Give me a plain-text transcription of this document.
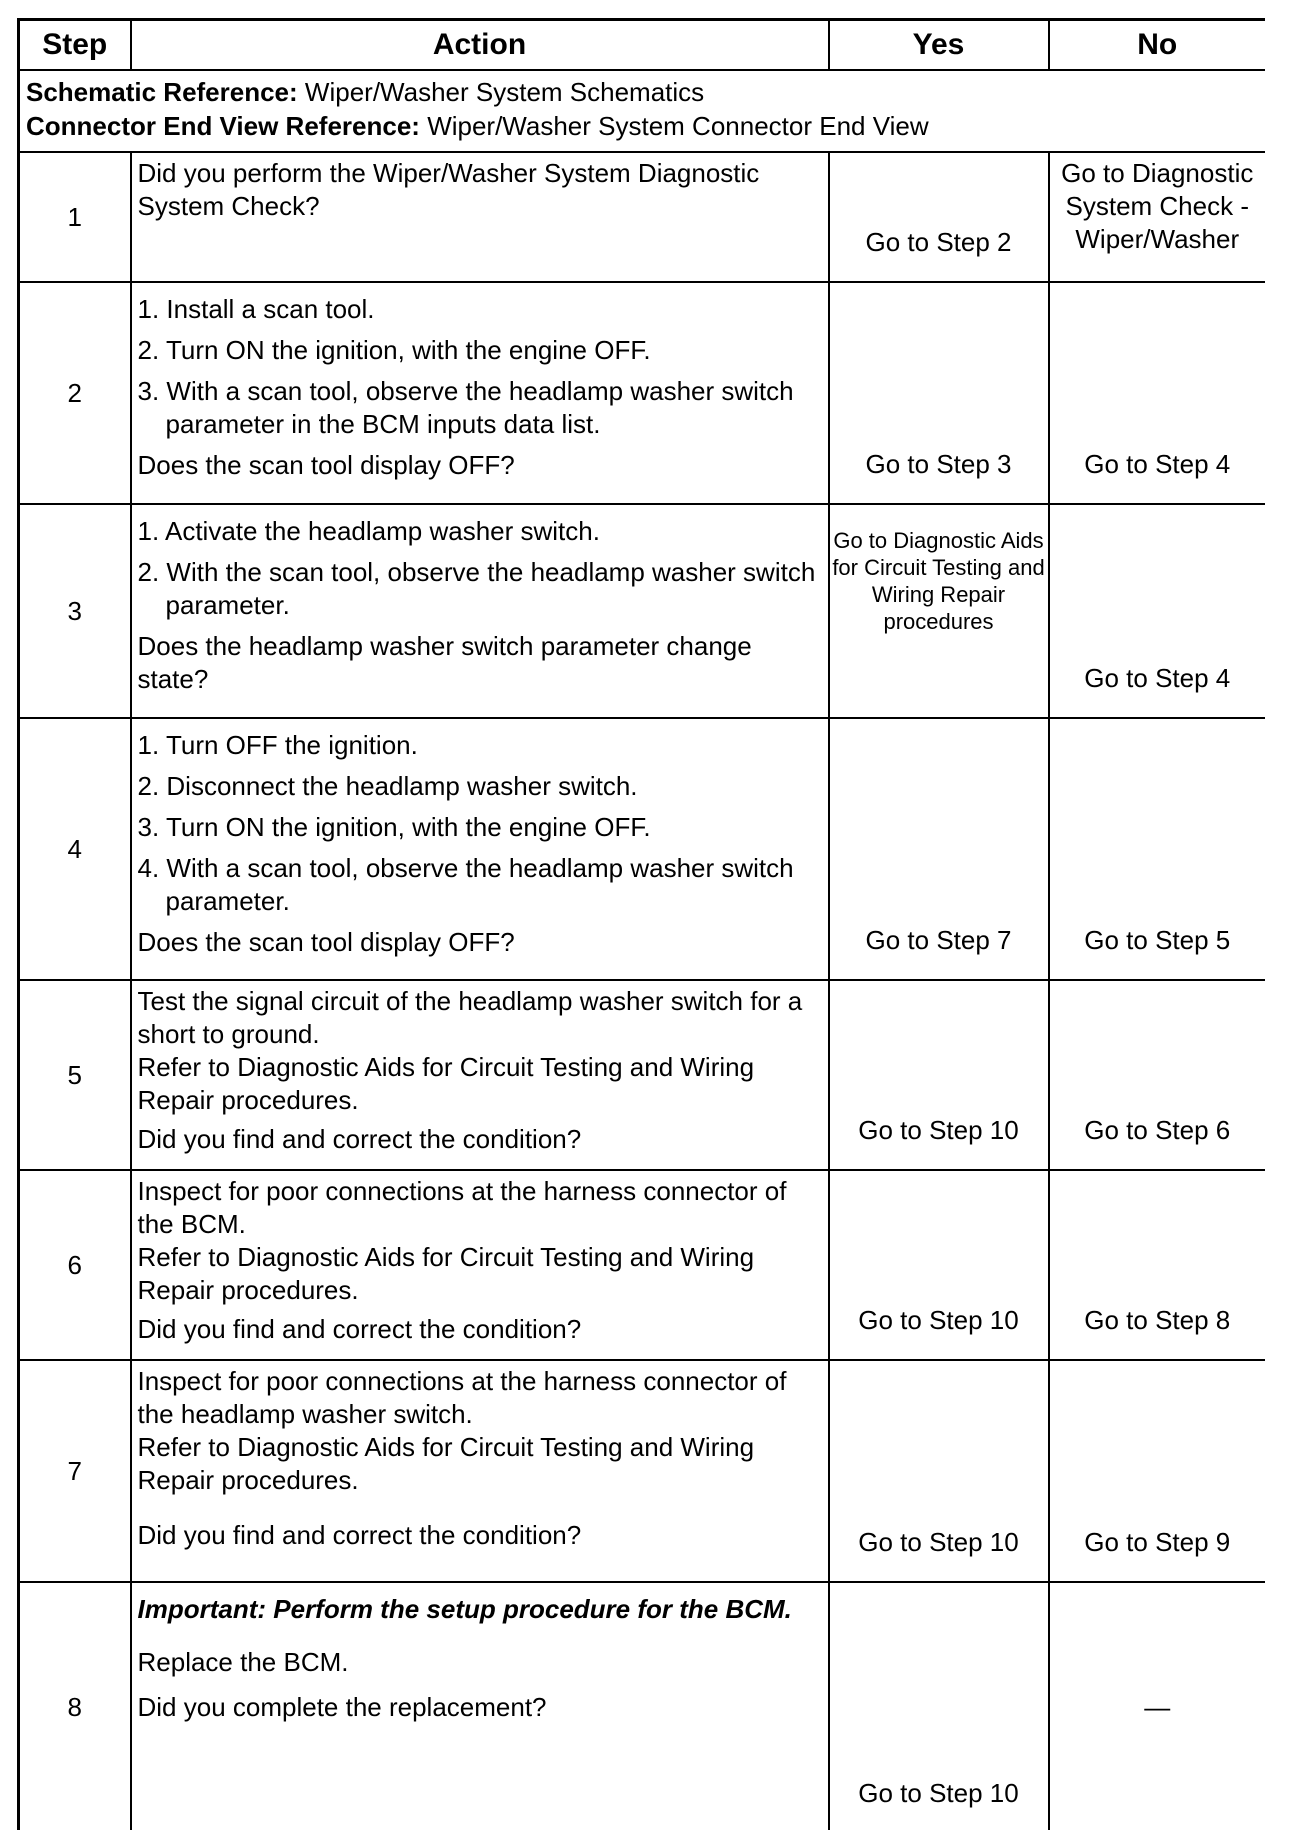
Step	Action	Yes	No

Schematic Reference: Wiper/Washer System Schematics
Connector End View Reference: Wiper/Washer System Connector End View			

1	Did you perform the Wiper/Washer System Diagnostic System Check?	Go to Step 2	Go to Diagnostic System Check - Wiper/Washer
2	1. Install a scan tool.
2. Turn ON the ignition, with the engine OFF.
3. With a scan tool, observe the headlamp washer switch parameter in the BCM inputs data list.
Does the scan tool display OFF?	Go to Step 3	Go to Step 4
3	1. Activate the headlamp washer switch.
2. With the scan tool, observe the headlamp washer switch parameter.
Does the headlamp washer switch parameter change state?	Go to Diagnostic Aids for Circuit Testing and Wiring Repair procedures	Go to Step 4
4	1. Turn OFF the ignition.
2. Disconnect the headlamp washer switch.
3. Turn ON the ignition, with the engine OFF.
4. With a scan tool, observe the headlamp washer switch parameter.
Does the scan tool display OFF?	Go to Step 7	Go to Step 5
5	Test the signal circuit of the headlamp washer switch for a short to ground.
Refer to Diagnostic Aids for Circuit Testing and Wiring Repair procedures.
Did you find and correct the condition?	Go to Step 10	Go to Step 6
6	Inspect for poor connections at the harness connector of the BCM.
Refer to Diagnostic Aids for Circuit Testing and Wiring Repair procedures.
Did you find and correct the condition?	Go to Step 10	Go to Step 8
7	Inspect for poor connections at the harness connector of the headlamp washer switch.
Refer to Diagnostic Aids for Circuit Testing and Wiring Repair procedures.
Did you find and correct the condition?	Go to Step 10	Go to Step 9
8	Important: Perform the setup procedure for the BCM.
Replace the BCM.
Did you complete the replacement?	Go to Step 10	—
